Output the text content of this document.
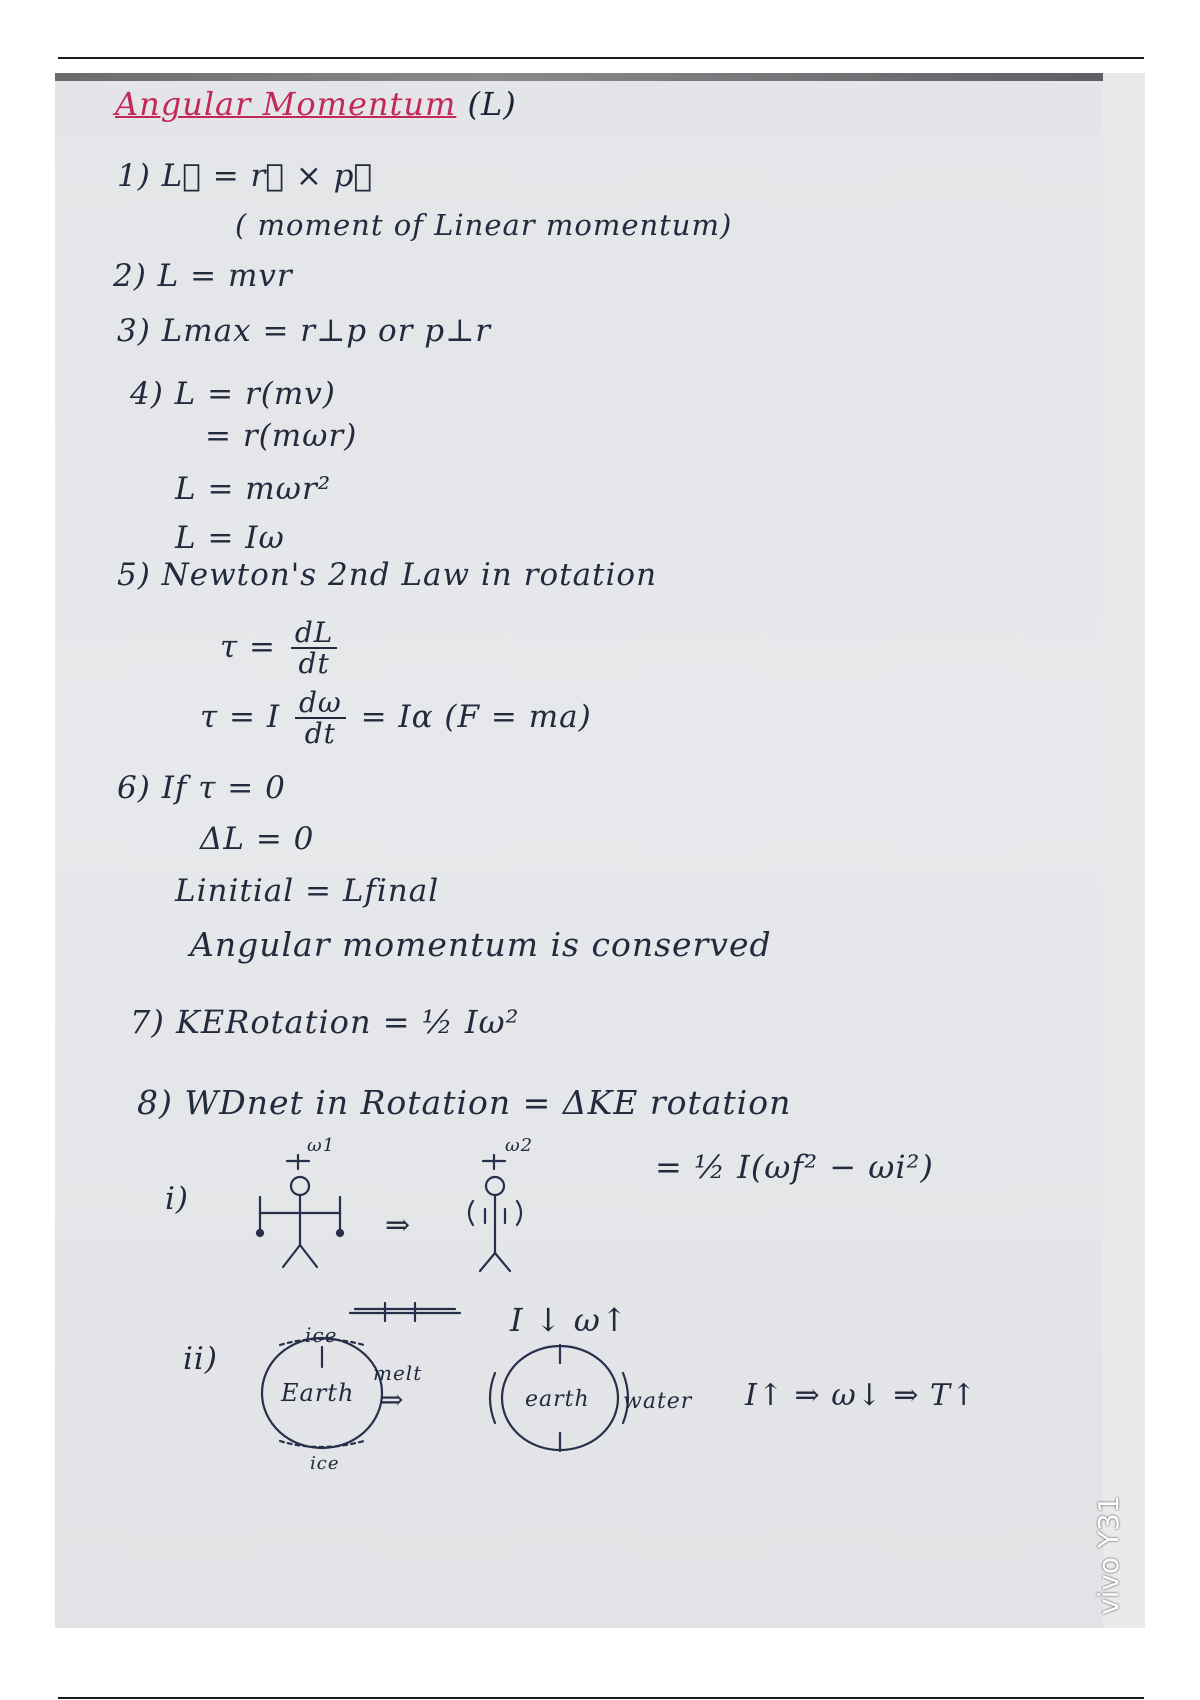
Angular Momentum (L)
1) L⃗ = r⃗ × p⃗
( moment of Linear momentum)
2) L = mvr
3) Lmax = r⊥p or p⊥r
4) L = r(mv)
= r(mωr)
L = mωr²
L = Iω
5) Newton's 2nd Law in rotation
$\tau = \frac{dL}{dt}$
τ = I $\frac{d\omega}{dt} = I\alpha$ (F = ma)
6) If τ = 0
ΔL = 0
Linitial = Lfinal
Angular momentum is conserved
7) KERotation = ½ Iω²
8) WDnet in Rotation = ΔKE rotation
= ½ I(ωf² − ωi²)
i)
ω1	ω2
⇒
I ↓ ω↑
ii)
ice
Earth
melt
⇒
ice
earth water I↑ ⇒ ω↓ ⇒ T↑
vivo Y31
